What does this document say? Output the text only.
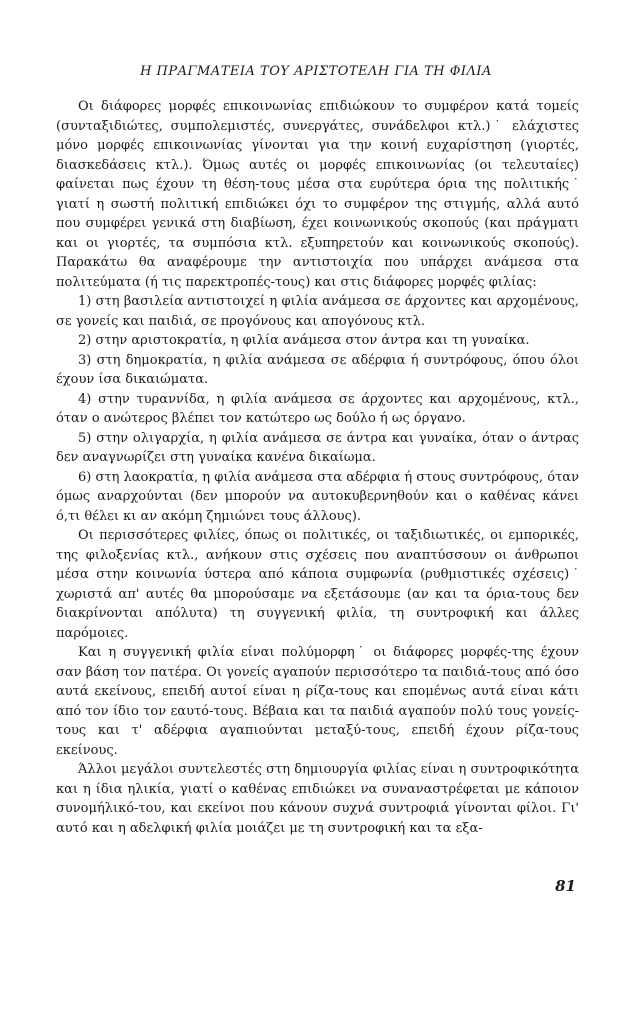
Η ΠΡΑΓΜΑΤΕΙΑ ΤΟΥ ΑΡΙΣΤΟΤΕΛΗ ΓΙΑ ΤΗ ΦΙΛΙΑ

Οι διάφορες μορφές επικοινωνίας επιδιώκουν το συμφέρον κατά τομείς (συνταξιδιώτες, συμπολεμιστές, συνεργάτες, συνάδελφοι κτλ.)˙ ελάχιστες μόνο μορφές επικοινωνίας γίνονται για την κοινή ευχαρίστηση (γιορτές, διασκεδάσεις κτλ.). Όμως αυτές οι μορφές επικοινωνίας (οι τελευταίες) φαίνεται πως έχουν τη θέση-τους μέσα στα ευρύτερα όρια της πολιτικής˙ γιατί η σωστή πολιτική επιδιώκει όχι το συμφέρον της στιγμής, αλλά αυτό που συμφέρει γενικά στη διαβίωση, έχει κοινωνικούς σκοπούς (και πράγματι και οι γιορτές, τα συμπόσια κτλ. εξυπηρετούν και κοινωνικούς σκοπούς). Παρακάτω θα αναφέρουμε την αντιστοιχία που υπάρχει ανάμεσα στα πολιτεύματα (ή τις παρεκτροπές-τους) και στις διάφορες μορφές φιλίας:

1) στη βασιλεία αντιστοιχεί η φιλία ανάμεσα σε άρχοντες και αρχομένους, σε γονείς και παιδιά, σε προγόνους και απογόνους κτλ.

2) στην αριστοκρατία, η φιλία ανάμεσα στον άντρα και τη γυναίκα.

3) στη δημοκρατία, η φιλία ανάμεσα σε αδέρφια ή συντρόφους, όπου όλοι έχουν ίσα δικαιώματα.

4) στην τυραννίδα, η φιλία ανάμεσα σε άρχοντες και αρχομένους, κτλ., όταν ο ανώτερος βλέπει τον κατώτερο ως δούλο ή ως όργανο.

5) στην ολιγαρχία, η φιλία ανάμεσα σε άντρα και γυναίκα, όταν ο άντρας δεν αναγνωρίζει στη γυναίκα κανένα δικαίωμα.

6) στη λαοκρατία, η φιλία ανάμεσα στα αδέρφια ή στους συντρόφους, όταν όμως αναρχούνται (δεν μπορούν να αυτοκυβερνηθούν και ο καθένας κάνει ό,τι θέλει κι αν ακόμη ζημιώνει τους άλλους).

Οι περισσότερες φιλίες, όπως οι πολιτικές, οι ταξιδιωτικές, οι εμπορικές, της φιλοξενίας κτλ., ανήκουν στις σχέσεις που αναπτύσσουν οι άνθρωποι μέσα στην κοινωνία ύστερα από κάποια συμφωνία (ρυθμιστικές σχέσεις)˙ χωριστά απ' αυτές θα μπορούσαμε να εξετάσουμε (αν και τα όρια-τους δεν διακρίνονται απόλυτα) τη συγγενική φιλία, τη συντροφική και άλλες παρόμοιες.

Και η συγγενική φιλία είναι πολύμορφη˙ οι διάφορες μορφές-της έχουν σαν βάση τον πατέρα. Οι γονείς αγαπούν περισσότερο τα παιδιά-τους από όσο αυτά εκείνους, επειδή αυτοί είναι η ρίζα-τους και επομένως αυτά είναι κάτι από τον ίδιο τον εαυτό-τους. Βέβαια και τα παιδιά αγαπούν πολύ τους γονείς-τους και τ' αδέρφια αγαπιούνται μεταξύ-τους, επειδή έχουν ρίζα-τους εκείνους.

Άλλοι μεγάλοι συντελεστές στη δημιουργία φιλίας είναι η συντροφικότητα και η ίδια ηλικία, γιατί ο καθένας επιδιώκει να συναναστρέφεται με κάποιον συνομήλικό-του, και εκείνοι που κάνουν συχνά συντροφιά γίνονται φίλοι. Γι' αυτό και η αδελφική φιλία μοιάζει με τη συντροφική και τα εξα-

81
